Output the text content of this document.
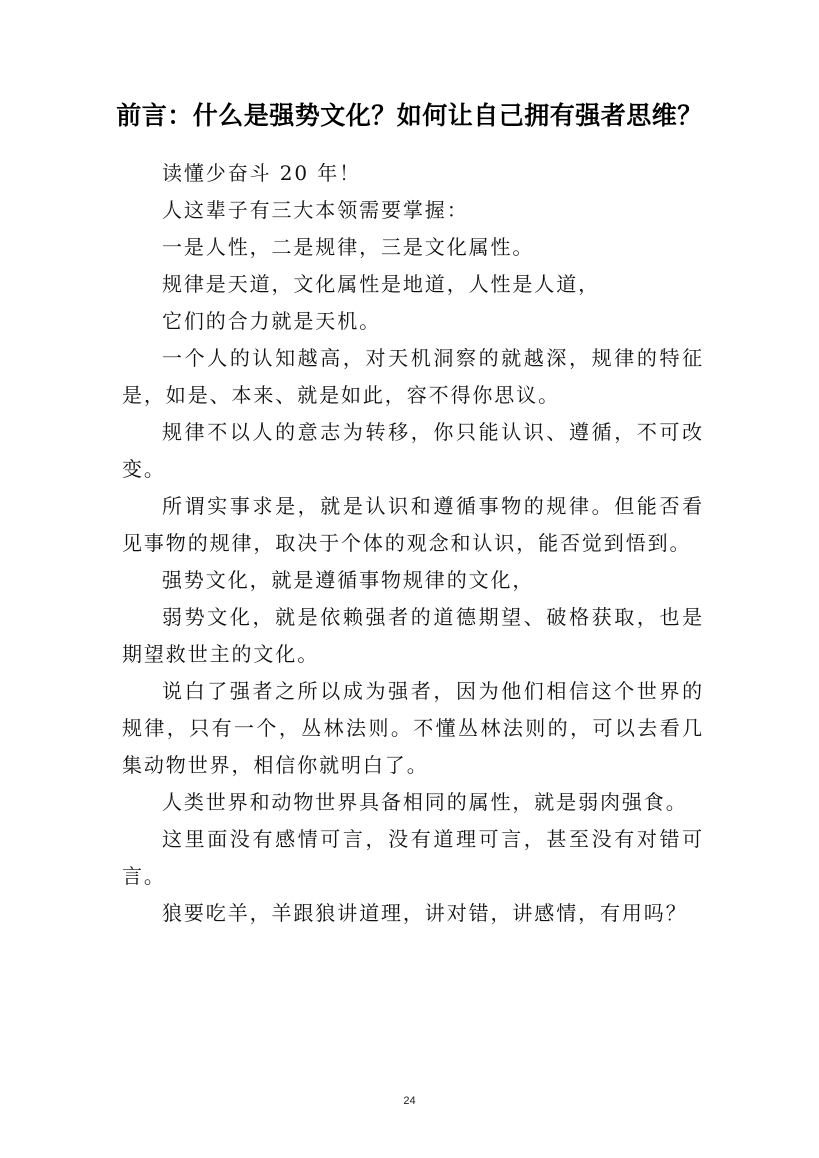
前言：什么是强势文化？如何让自己拥有强者思维？

读懂少奋斗 20 年！

人这辈子有三大本领需要掌握：

一是人性，二是规律，三是文化属性。

规律是天道，文化属性是地道，人性是人道，

它们的合力就是天机。

一个人的认知越高，对天机洞察的就越深，规律的特征是，如是、本来、就是如此，容不得你思议。

规律不以人的意志为转移，你只能认识、遵循，不可改变。

所谓实事求是，就是认识和遵循事物的规律。但能否看见事物的规律，取决于个体的观念和认识，能否觉到悟到。

强势文化，就是遵循事物规律的文化，

弱势文化，就是依赖强者的道德期望、破格获取，也是期望救世主的文化。

说白了强者之所以成为强者，因为他们相信这个世界的规律，只有一个，丛林法则。不懂丛林法则的，可以去看几集动物世界，相信你就明白了。

人类世界和动物世界具备相同的属性，就是弱肉强食。

这里面没有感情可言，没有道理可言，甚至没有对错可言。

狼要吃羊，羊跟狼讲道理，讲对错，讲感情，有用吗？

24
